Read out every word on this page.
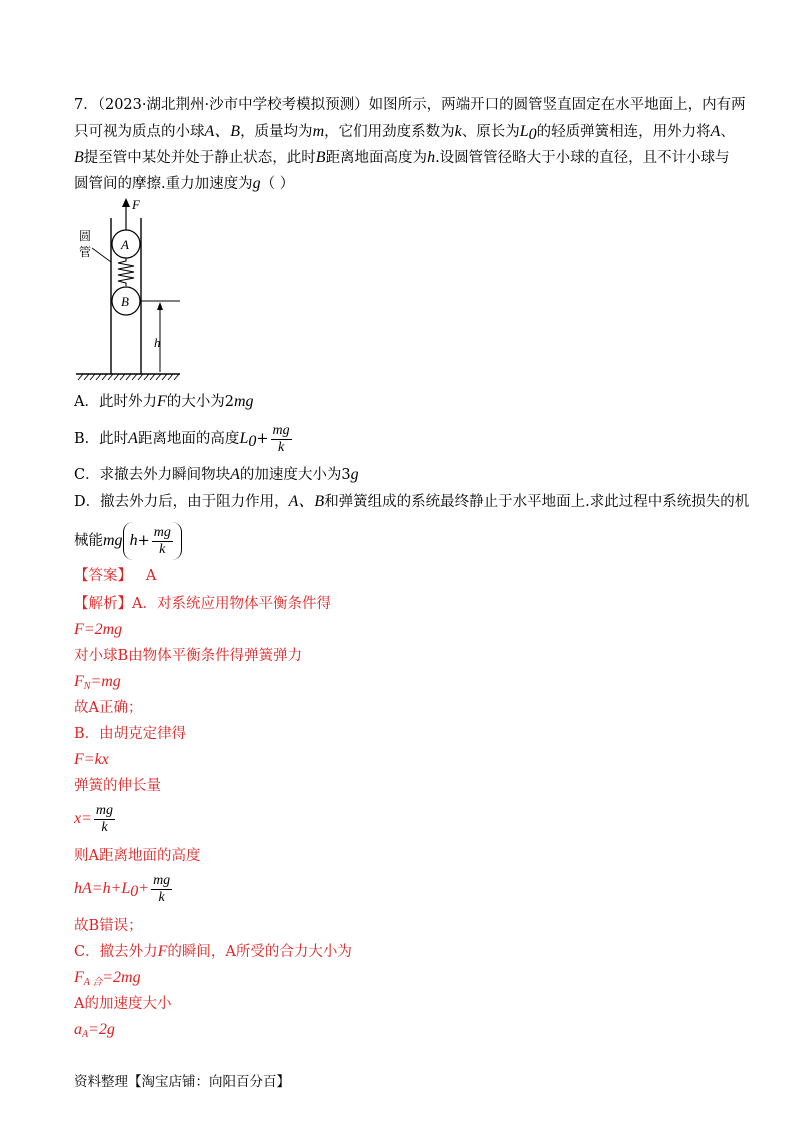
7．（2023·湖北荆州·沙市中学校考模拟预测）如图所示，两端开口的圆管竖直固定在水平地面上，内有两
只可视为质点的小球A、B，质量均为m，它们用劲度系数为k、原长为$L_0$的轻质弹簧相连，用外力将A、
B提至管中某处并处于静止状态，此时B距离地面高度为h.设圆管管径略大于小球的直径，且不计小球与
圆管间的摩擦.重力加速度为g（ ）
F
A
B
h
圆
管
A．此时外力F的大小为2mg
B．此时A距离地面的高度$L_0+ \frac{mg}{k}$
C．求撤去外力瞬间物块A的加速度大小为3g
D．撤去外力后，由于阻力作用，A、B和弹簧组成的系统最终静止于水平地面上.求此过程中系统损失的机
械能mg $h+ \frac{mg}{k}$
【答案】 A
【解析】A．对系统应用物体平衡条件得
F=2mg
对小球B由物体平衡条件得弹簧弹力
$F_N=mg$
故A正确；
B．由胡克定律得
F=kx
弹簧的伸长量
$x= \frac{mg}{k}$
则A距离地面的高度
$hA=h+L_0+ \frac{mg}{k}$
故B错误；
C．撤去外力F的瞬间，A所受的合力大小为
$F_{A 合}=2mg$
A的加速度大小
$a_A=2g$
资料整理【淘宝店铺：向阳百分百】
